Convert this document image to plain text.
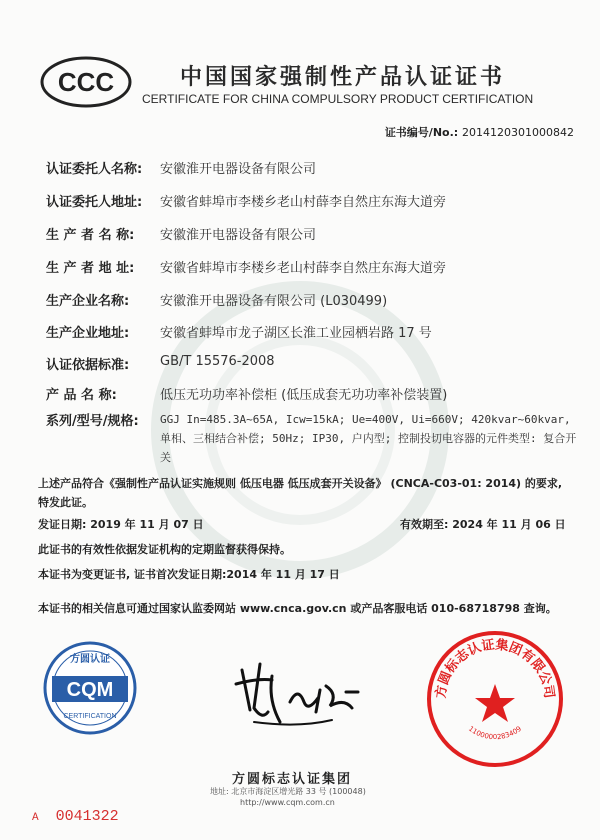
CCC	中国国家强制性产品认证证书
CERTIFICATE FOR CHINA COMPULSORY PRODUCT CERTIFICATION
证书编号/No.: 2014120301000842
认证委托人名称: 安徽淮开电器设备有限公司
认证委托人地址: 安徽省蚌埠市李楼乡老山村薛李自然庄东海大道旁
生 产 者 名 称: 安徽淮开电器设备有限公司
生 产 者 地 址: 安徽省蚌埠市李楼乡老山村薛李自然庄东海大道旁
生产企业名称: 安徽淮开电器设备有限公司 (L030499)
生产企业地址: 安徽省蚌埠市龙子湖区长淮工业园栖岩路 17 号
认证依据标准: GB/T 15576-2008
产 品 名 称:	低压无功功率补偿柜 (低压成套无功功率补偿装置)
系列/型号/规格: GGJ In=485.3A~65A, Icw=15kA; Ue=400V, Ui=660V; 420kvar~60kvar, 单相、三相结合补偿; 50Hz; IP30, 户内型; 控制投切电容器的元件类型: 复合开关
上述产品符合《强制性产品认证实施规则 低压电器 低压成套开关设备》 (CNCA-C03-01: 2014) 的要求, 特发此证。
发证日期: 2019 年 11 月 07 日	有效期至: 2024 年 11 月 06 日
此证书的有效性依据发证机构的定期监督获得保持。
本证书为变更证书, 证书首次发证日期:2014 年 11 月 17 日
本证书的相关信息可通过国家认监委网站 www.cnca.gov.cn 或产品客服电话 010-68718798 查询。
方圆认证
CQM
CERTIFICATION
方圆标志认证集团有限公司
1100000283409
方圆标志认证集团
地址: 北京市海淀区增光路 33 号 (100048)
http://www.cqm.com.cn
A 0041322
